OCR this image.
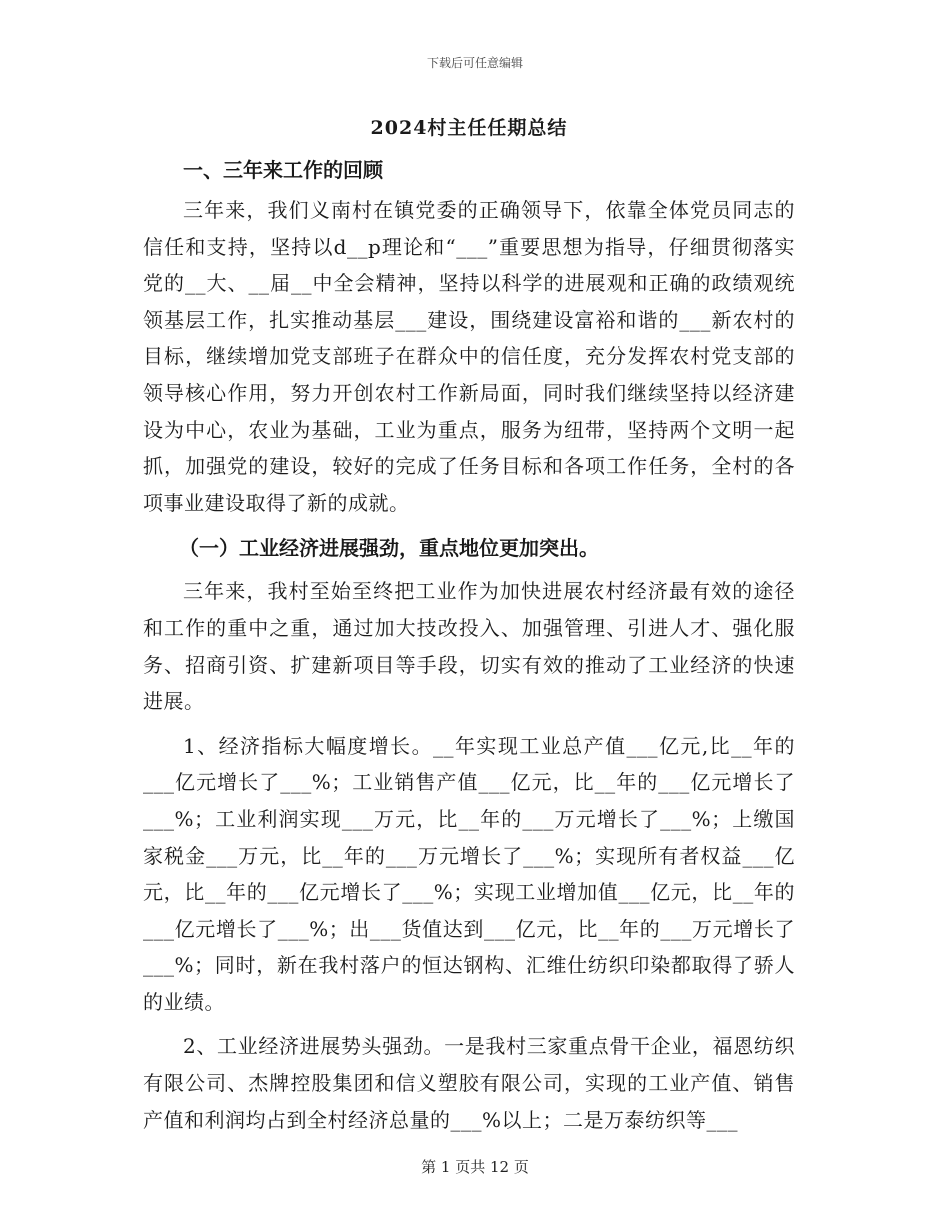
下载后可任意编辑
2024村主任任期总结
一、三年来工作的回顾

三年来，我们义南村在镇党委的正确领导下，依靠全体党员同志的信任和支持，坚持以d__p理论和“___”重要思想为指导，仔细贯彻落实党的__大、__届__中全会精神，坚持以科学的进展观和正确的政绩观统领基层工作，扎实推动基层___建设，围绕建设富裕和谐的___新农村的目标，继续增加党支部班子在群众中的信任度，充分发挥农村党支部的领导核心作用，努力开创农村工作新局面，同时我们继续坚持以经济建设为中心，农业为基础，工业为重点，服务为纽带，坚持两个文明一起抓，加强党的建设，较好的完成了任务目标和各项工作任务，全村的各项事业建设取得了新的成就。

（一）工业经济进展强劲，重点地位更加突出。

三年来，我村至始至终把工业作为加快进展农村经济最有效的途径和工作的重中之重，通过加大技改投入、加强管理、引进人才、强化服务、招商引资、扩建新项目等手段，切实有效的推动了工业经济的快速进展。

1、经济指标大幅度增长。__年实现工业总产值___亿元,比__年的___亿元增长了___%；工业销售产值___亿元，比__年的___亿元增长了___%；工业利润实现___万元，比__年的___万元增长了___%；上缴国家税金___万元，比__年的___万元增长了___%；实现所有者权益___亿元，比__年的___亿元增长了___%；实现工业增加值___亿元，比__年的___亿元增长了___%；出___货值达到___亿元，比__年的___万元增长了___%；同时，新在我村落户的恒达钢构、汇维仕纺织印染都取得了骄人的业绩。

2、工业经济进展势头强劲。一是我村三家重点骨干企业，福恩纺织有限公司、杰牌控股集团和信义塑胶有限公司，实现的工业产值、销售产值和利润均占到全村经济总量的___%以上；二是万泰纺织等___

第 1 页共 12 页
